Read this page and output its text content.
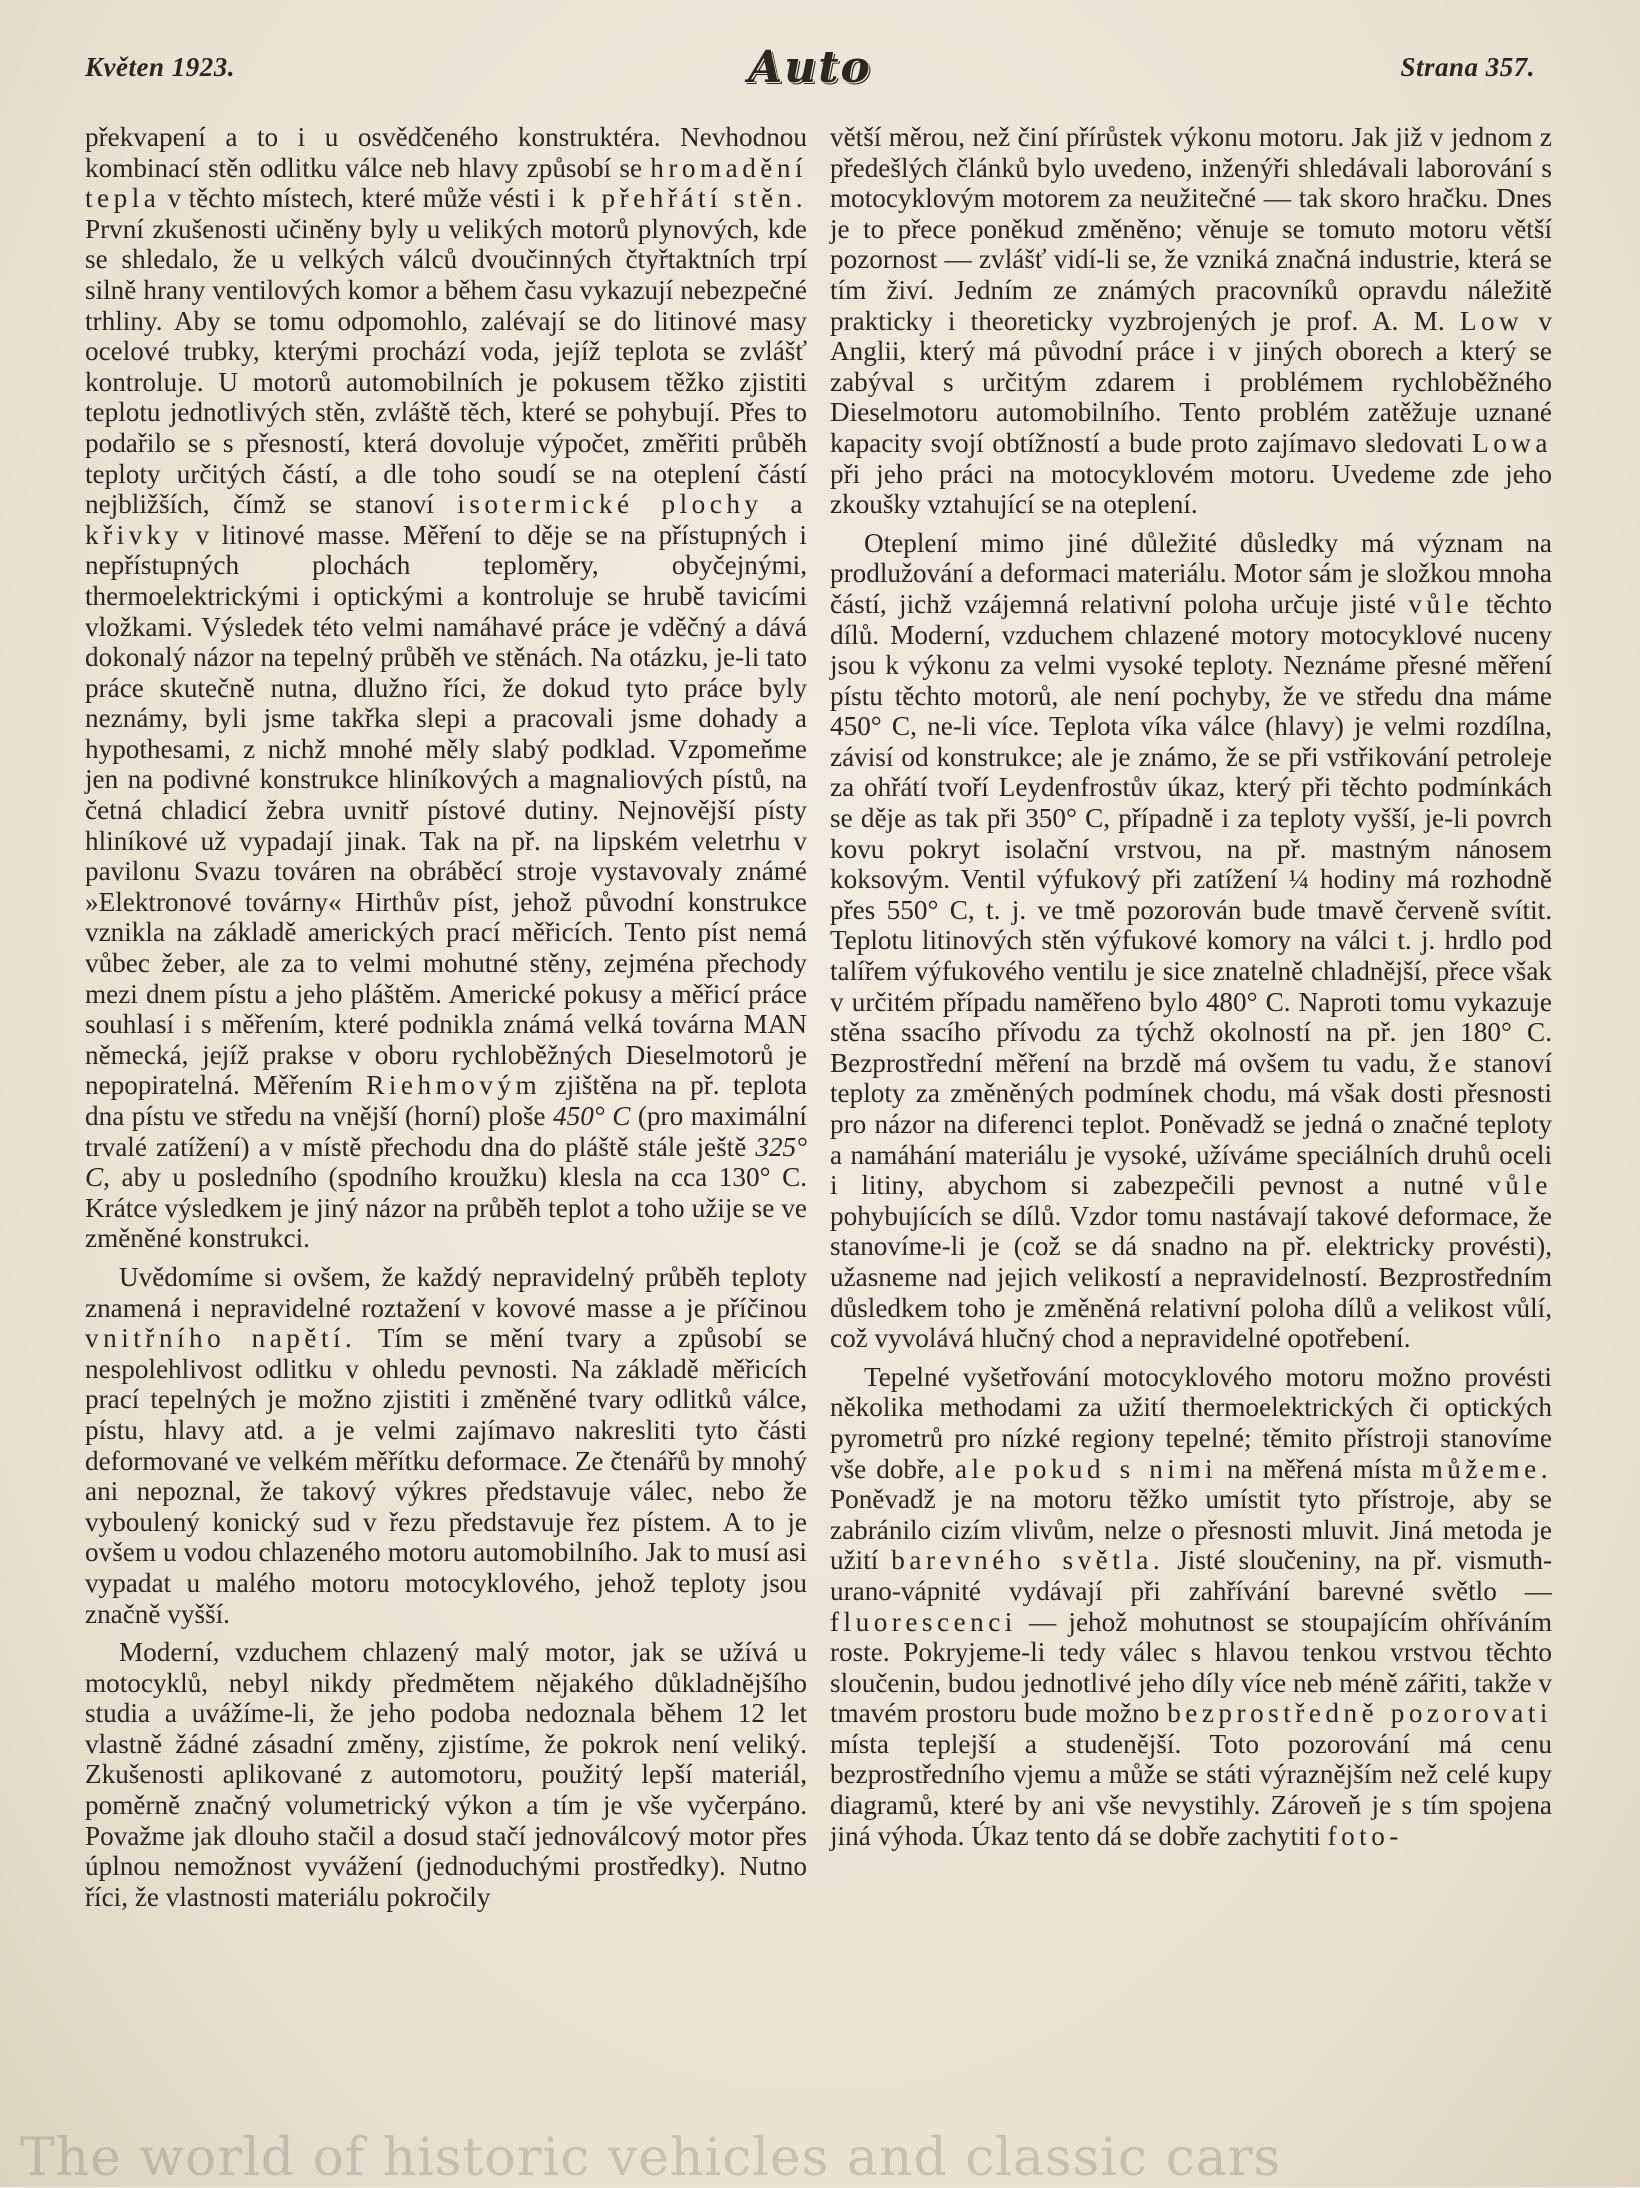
Květen 1923.	Auto	Strana 357.

překvapení a to i u osvědčeného konstruktéra. Nevhodnou kombinací stěn odlitku válce neb hlavy způsobí se hromadění tepla v těchto místech, které může vésti i k přehřátí stěn. První zkušenosti učiněny byly u velikých motorů plynových, kde se shledalo, že u velkých válců dvoučinných čtyřtaktních trpí silně hrany ventilových komor a během času vykazují nebezpečné trhliny. Aby se tomu odpomohlo, zalévají se do litinové masy ocelové trubky, kterými prochází voda, jejíž teplota se zvlášť kontroluje. U motorů automobilních je pokusem těžko zjistiti teplotu jednotlivých stěn, zvláště těch, které se pohybují. Přes to podařilo se s přesností, která dovoluje výpočet, změřiti průběh teploty určitých částí, a dle toho soudí se na oteplení částí nejbližších, čímž se stanoví isotermické plochy a křivky v litinové masse. Měření to děje se na přístupných i nepřístupných plochách teploměry, obyčejnými, thermoelektrickými i optickými a kontroluje se hrubě tavicími vložkami. Výsledek této velmi namáhavé práce je vděčný a dává dokonalý názor na tepelný průběh ve stěnách. Na otázku, je-li tato práce skutečně nutna, dlužno říci, že dokud tyto práce byly neznámy, byli jsme takřka slepi a pracovali jsme dohady a hypothesami, z nichž mnohé měly slabý podklad. Vzpomeňme jen na podivné konstrukce hliníkových a magnaliových pístů, na četná chladicí žebra uvnitř pístové dutiny. Nejnovější písty hliníkové už vypadají jinak. Tak na př. na lipském veletrhu v pavilonu Svazu továren na obráběcí stroje vystavovaly známé »Elektronové továrny« Hirthův píst, jehož původní konstrukce vznikla na základě amerických prací měřicích. Tento píst nemá vůbec žeber, ale za to velmi mohutné stěny, zejména přechody mezi dnem pístu a jeho pláštěm. Americké pokusy a měřicí práce souhlasí i s měřením, které podnikla známá velká továrna MAN německá, jejíž prakse v oboru rychloběžných Dieselmotorů je nepopiratelná. Měřením Riehmovým zjištěna na př. teplota dna pístu ve středu na vnější (horní) ploše 450° C (pro maximální trvalé zatížení) a v místě přechodu dna do pláště stále ještě 325° C, aby u posledního (spodního kroužku) klesla na cca 130° C. Krátce výsledkem je jiný názor na průběh teplot a toho užije se ve změněné konstrukci.

Uvědomíme si ovšem, že každý nepravidelný průběh teploty znamená i nepravidelné roztažení v kovové masse a je příčinou vnitřního napětí. Tím se mění tvary a způsobí se nespolehlivost odlitku v ohledu pevnosti. Na základě měřicích prací tepelných je možno zjistiti i změněné tvary odlitků válce, pístu, hlavy atd. a je velmi zajímavo nakresliti tyto části deformované ve velkém měřítku deformace. Ze čtenářů by mnohý ani nepoznal, že takový výkres představuje válec, nebo že vyboulený konický sud v řezu představuje řez pístem. A to je ovšem u vodou chlazeného motoru automobilního. Jak to musí asi vypadat u malého motoru motocyklového, jehož teploty jsou značně vyšší.

Moderní, vzduchem chlazený malý motor, jak se užívá u motocyklů, nebyl nikdy předmětem nějakého důkladnějšího studia a uvážíme-li, že jeho podoba nedoznala během 12 let vlastně žádné zásadní změny, zjistíme, že pokrok není veliký. Zkušenosti aplikované z automotoru, použitý lepší materiál, poměrně značný volumetrický výkon a tím je vše vyčerpáno. Považme jak dlouho stačil a dosud stačí jednoválcový motor přes úplnou nemožnost vyvážení (jednoduchými prostředky). Nutno říci, že vlastnosti materiálu pokročily

větší měrou, než činí přírůstek výkonu motoru. Jak již v jednom z předešlých článků bylo uvedeno, inženýři shledávali laborování s motocyklovým motorem za neužitečné — tak skoro hračku. Dnes je to přece poněkud změněno; věnuje se tomuto motoru větší pozornost — zvlášť vidí-li se, že vzniká značná industrie, která se tím živí. Jedním ze známých pracovníků opravdu náležitě prakticky i theoreticky vyzbrojených je prof. A. M. Low v Anglii, který má původní práce i v jiných oborech a který se zabýval s určitým zdarem i problémem rychloběžného Dieselmotoru automobilního. Tento problém zatěžuje uznané kapacity svojí obtížností a bude proto zajímavo sledovati Lowa při jeho práci na motocyklovém motoru. Uvedeme zde jeho zkoušky vztahující se na oteplení.

Oteplení mimo jiné důležité důsledky má význam na prodlužování a deformaci materiálu. Motor sám je složkou mnoha částí, jichž vzájemná relativní poloha určuje jisté vůle těchto dílů. Moderní, vzduchem chlazené motory motocyklové nuceny jsou k výkonu za velmi vysoké teploty. Neznáme přesné měření pístu těchto motorů, ale není pochyby, že ve středu dna máme 450° C, ne-li více. Teplota víka válce (hlavy) je velmi rozdílna, závisí od konstrukce; ale je známo, že se při vstřikování petroleje za ohřátí tvoří Leydenfrostův úkaz, který při těchto podmínkách se děje as tak při 350° C, případně i za teploty vyšší, je-li povrch kovu pokryt isolační vrstvou, na př. mastným nánosem koksovým. Ventil výfukový při zatížení ¼ hodiny má rozhodně přes 550° C, t. j. ve tmě pozorován bude tmavě červeně svítit. Teplotu litinových stěn výfukové komory na válci t. j. hrdlo pod talířem výfukového ventilu je sice znatelně chladnější, přece však v určitém případu naměřeno bylo 480° C. Naproti tomu vykazuje stěna ssacího přívodu za týchž okolností na př. jen 180° C. Bezprostřední měření na brzdě má ovšem tu vadu, že stanoví teploty za změněných podmínek chodu, má však dosti přesnosti pro názor na diferenci teplot. Poněvadž se jedná o značné teploty a namáhání materiálu je vysoké, užíváme speciálních druhů oceli i litiny, abychom si zabezpečili pevnost a nutné vůle pohybujících se dílů. Vzdor tomu nastávají takové deformace, že stanovíme-li je (což se dá snadno na př. elektricky provésti), užasneme nad jejich velikostí a nepravidelností. Bezprostředním důsledkem toho je změněná relativní poloha dílů a velikost vůlí, což vyvolává hlučný chod a nepravidelné opotřebení.

Tepelné vyšetřování motocyklového motoru možno provésti několika methodami za užití thermoelektrických či optických pyrometrů pro nízké regiony tepelné; těmito přístroji stanovíme vše dobře, ale pokud s nimi na měřená místa můžeme. Poněvadž je na motoru těžko umístit tyto přístroje, aby se zabránilo cizím vlivům, nelze o přesnosti mluvit. Jiná metoda je užití barevného světla. Jisté sloučeniny, na př. vismuth-urano-vápnité vydávají při zahřívání barevné světlo — fluorescenci — jehož mohutnost se stoupajícím ohříváním roste. Pokryjeme-li tedy válec s hlavou tenkou vrstvou těchto sloučenin, budou jednotlivé jeho díly více neb méně zářiti, takže v tmavém prostoru bude možno bezprostředně pozorovati místa teplejší a studenější. Toto pozorování má cenu bezprostředního vjemu a může se státi výraznějším než celé kupy diagramů, které by ani vše nevystihly. Zároveň je s tím spojena jiná výhoda. Úkaz tento dá se dobře zachytiti foto-

The world of historic vehicles and classic cars
